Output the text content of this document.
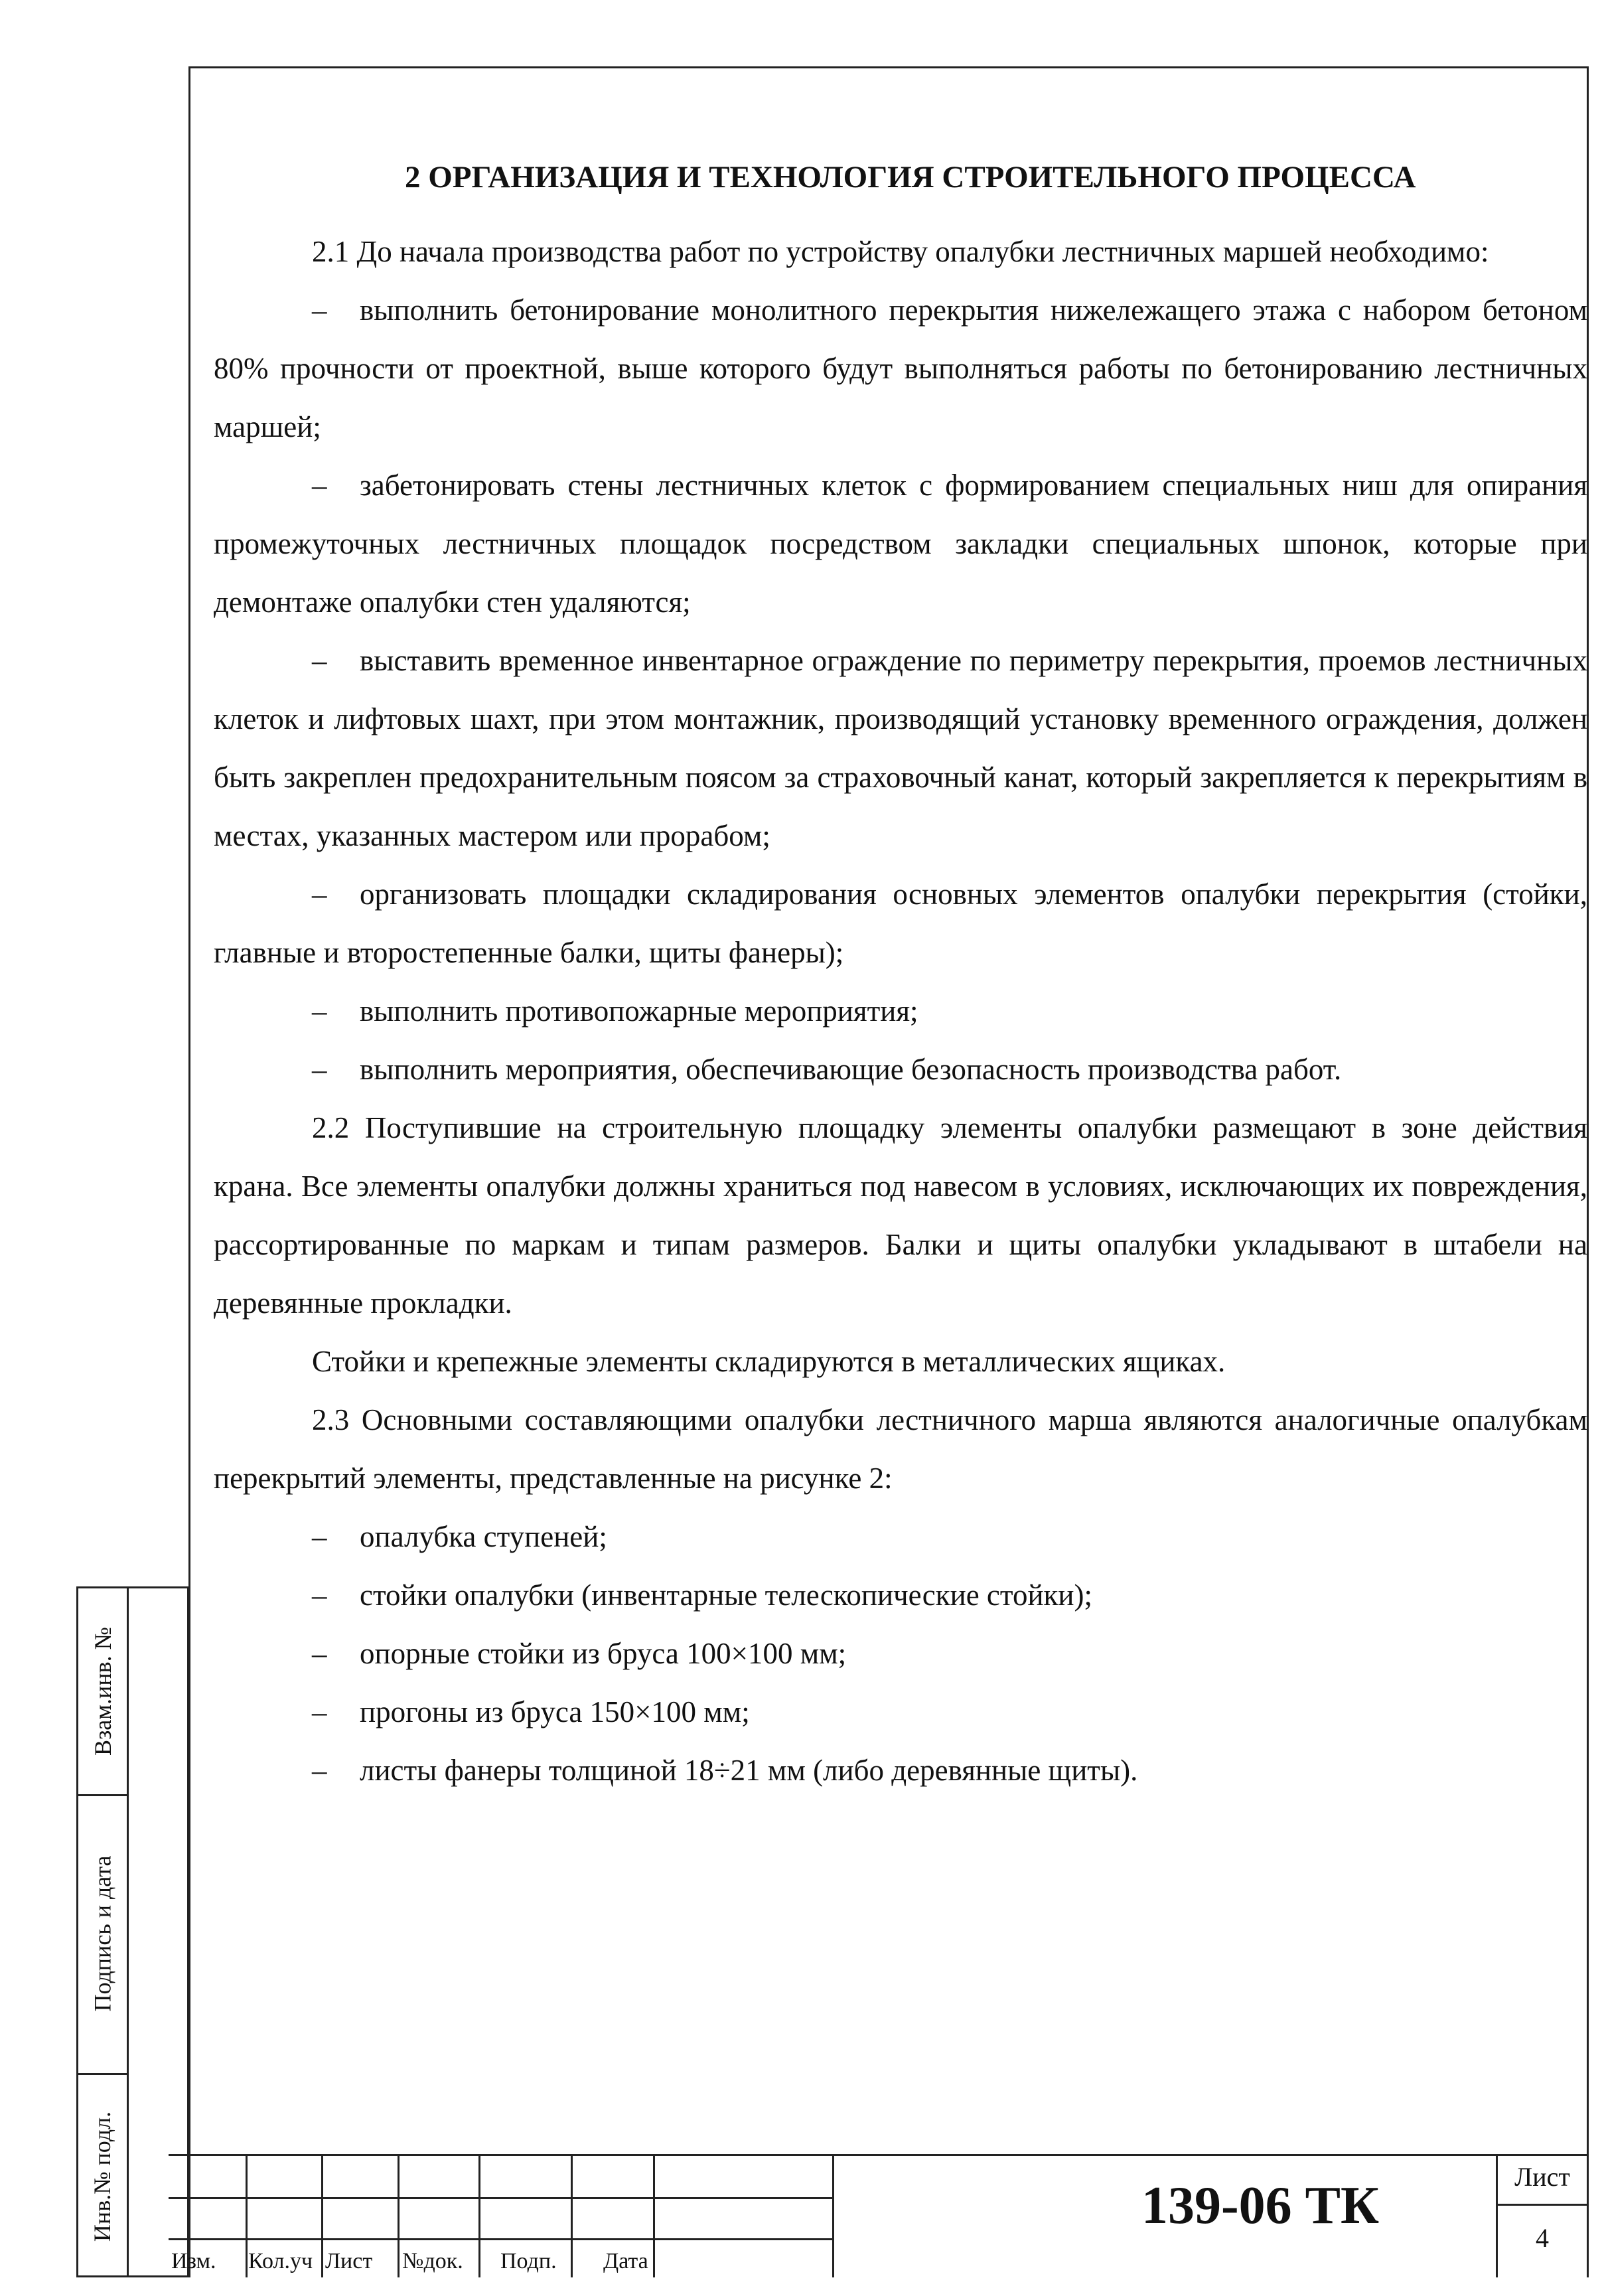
2 ОРГАНИЗАЦИЯ И ТЕХНОЛОГИЯ СТРОИТЕЛЬНОГО ПРОЦЕССА

2.1 До начала производства работ по устройству опалубки лестничных маршей необходимо:

– выполнить бетонирование монолитного перекрытия нижележащего этажа с набором бетоном 80% прочности от проектной, выше которого будут выполняться работы по бетонированию лестничных маршей;

– забетонировать стены лестничных клеток с формированием специальных ниш для опирания промежуточных лестничных площадок посредством закладки специальных шпонок, которые при демонтаже опалубки стен удаляются;

– выставить временное инвентарное ограждение по периметру перекрытия, проемов лестничных клеток и лифтовых шахт, при этом монтажник, производящий установку временного ограждения, должен быть закреплен предохранительным поясом за страховочный канат, который закрепляется к перекрытиям в местах, указанных мастером или прорабом;

– организовать площадки складирования основных элементов опалубки перекрытия (стойки, главные и второстепенные балки, щиты фанеры);

– выполнить противопожарные мероприятия;

– выполнить мероприятия, обеспечивающие безопасность производства работ.

2.2 Поступившие на строительную площадку элементы опалубки размещают в зоне действия крана. Все элементы опалубки должны храниться под навесом в условиях, исключающих их повреждения, рассортированные по маркам и типам размеров. Балки и щиты опалубки укладывают в штабели на деревянные прокладки.

Стойки и крепежные элементы складируются в металлических ящиках.

2.3 Основными составляющими опалубки лестничного марша являются аналогичные опалубкам перекрытий элементы, представленные на рисунке 2:

– опалубка ступеней;

– стойки опалубки (инвентарные телескопические стойки);

– опорные стойки из бруса 100×100 мм;

– прогоны из бруса 150×100 мм;

– листы фанеры толщиной 18÷21 мм (либо деревянные щиты).

Взам.инв. №
Подпись и дата
Инв.№ подл.
Изм.	Кол.уч Лист №док. Подп. Дата
139-06 ТК	Лист
4
